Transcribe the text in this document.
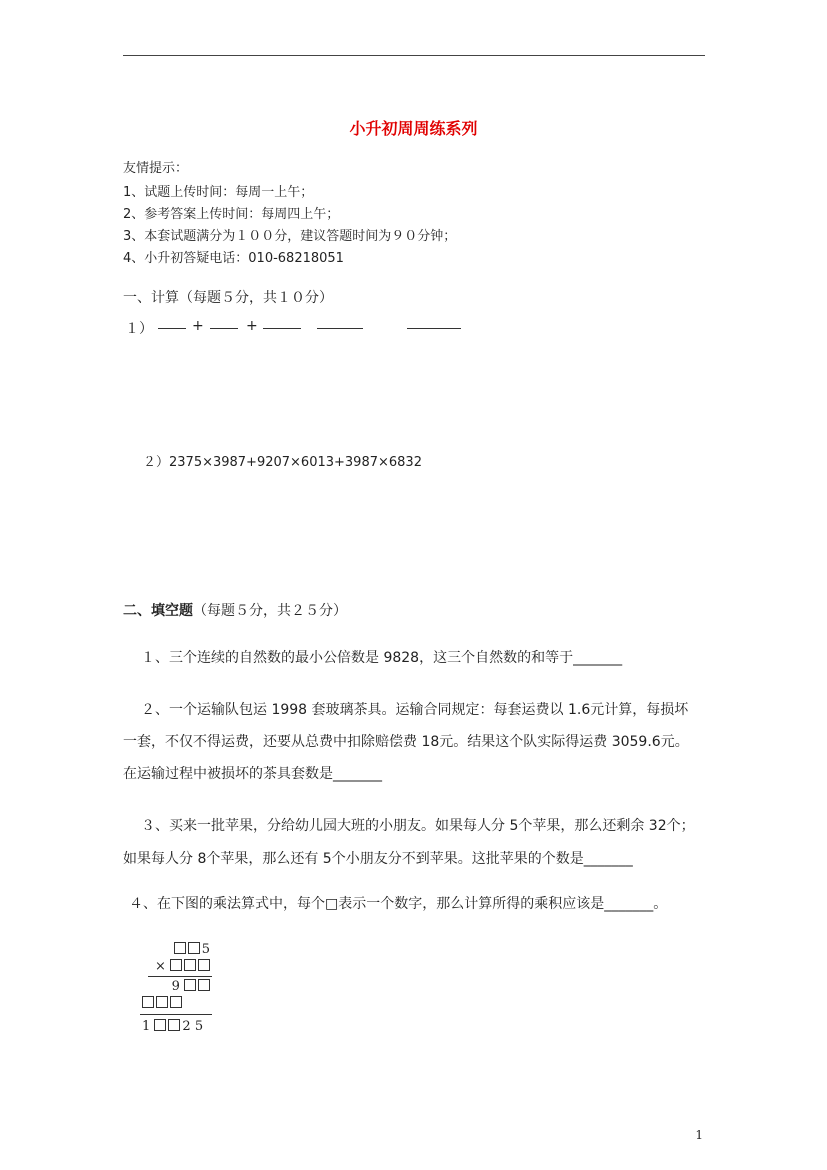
小升初周周练系列
友情提示：
1、试题上传时间：每周一上午；
2、参考答案上传时间：每周四上午；
3、本套试题满分为１００分，建议答题时间为９０分钟；
4、小升初答疑电话：010-68218051
一、计算（每题５分，共１０分）
１）	+	+
２）2375×3987+9207×6013+3987×6832
二、填空题（每题５分，共２５分）
１、三个连续的自然数的最小公倍数是 9828，这三个自然数的和等于_______
２、一个运输队包运 1998 套玻璃茶具。运输合同规定：每套运费以 1.6元计算，每损坏
一套，不仅不得运费，还要从总费中扣除赔偿费 18元。结果这个队实际得运费 3059.6元。
在运输过程中被损坏的茶具套数是_______
３、买来一批苹果，分给幼儿园大班的小朋友。如果每人分 5个苹果，那么还剩余 32个；
如果每人分 8个苹果，那么还有 5个小朋友分不到苹果。这批苹果的个数是_______
４、在下图的乘法算式中，每个□表示一个数字，那么计算所得的乘积应该是_______。
5
×
9
1 2 5
1
